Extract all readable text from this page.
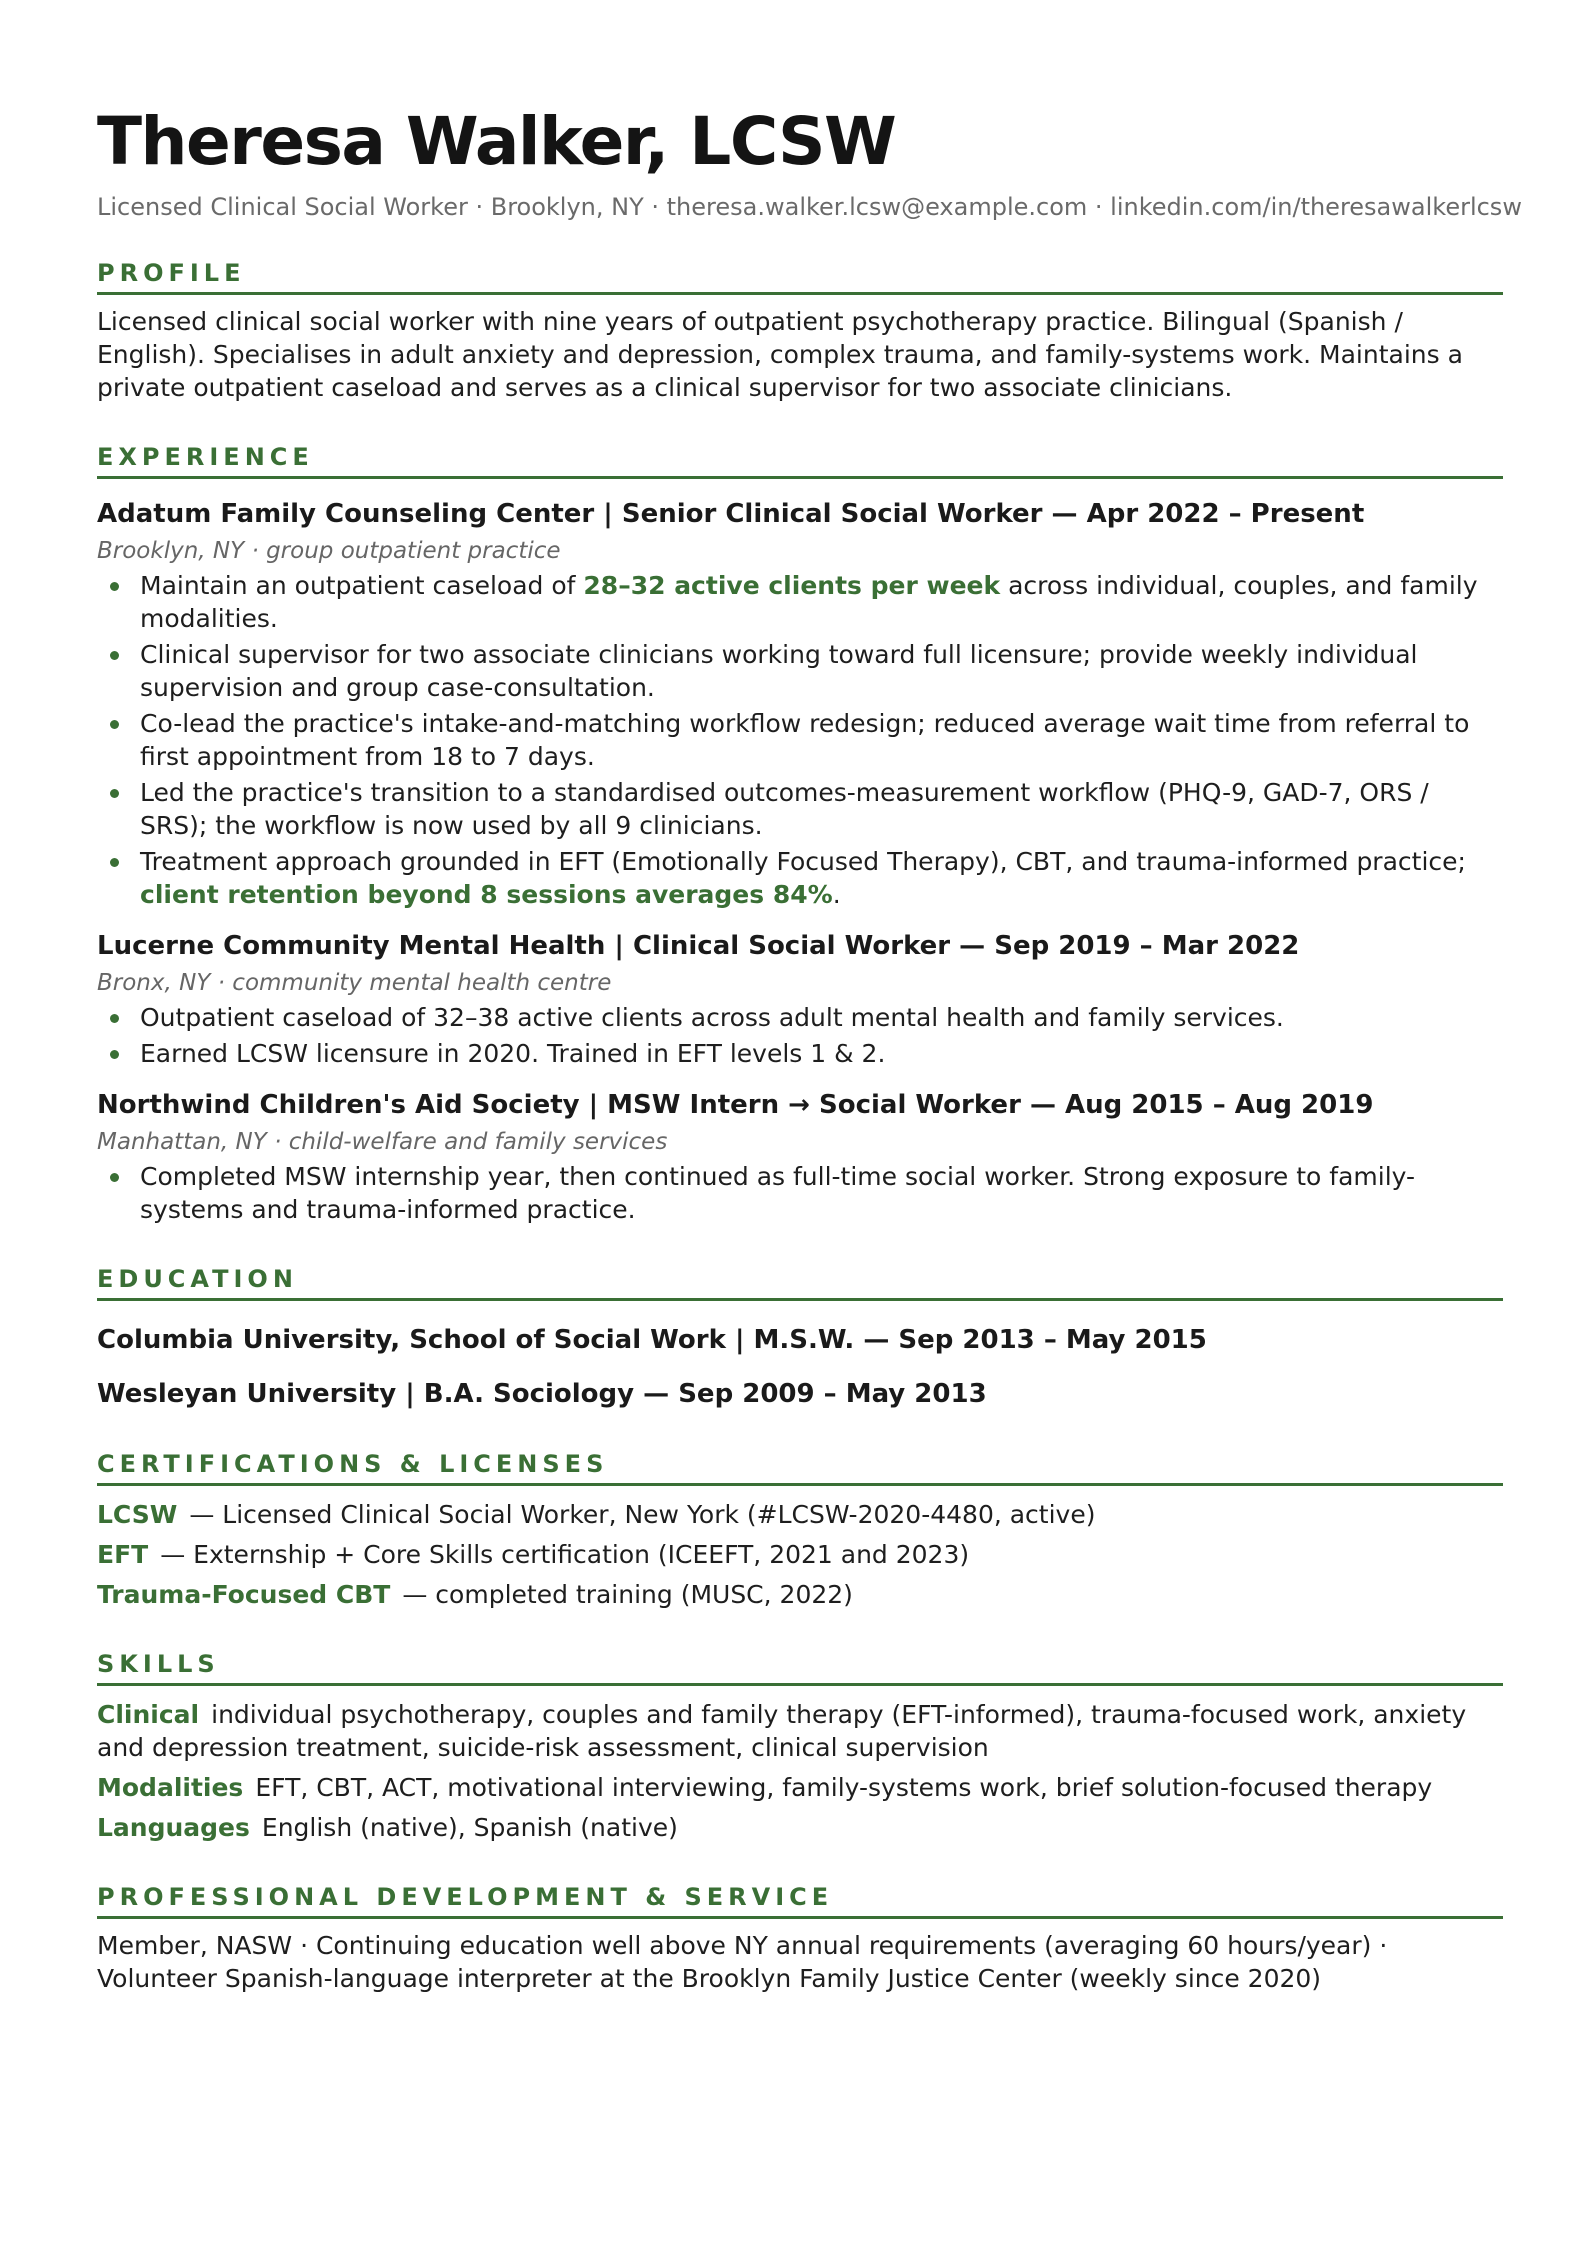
Theresa Walker, LCSW
Licensed Clinical Social Worker · Brooklyn, NY · theresa.walker.lcsw@example.com · linkedin.com/in/theresawalkerlcsw
PROFILE
Licensed clinical social worker with nine years of outpatient psychotherapy practice. Bilingual (Spanish / English). Specialises in adult anxiety and depression, complex trauma, and family-systems work. Maintains a private outpatient caseload and serves as a clinical supervisor for two associate clinicians.
EXPERIENCE
Adatum Family Counseling Center | Senior Clinical Social Worker — Apr 2022 – Present
Brooklyn, NY · group outpatient practice
Maintain an outpatient caseload of 28–32 active clients per week across individual, couples, and family modalities.
Clinical supervisor for two associate clinicians working toward full licensure; provide weekly individual supervision and group case-consultation.
Co-lead the practice's intake-and-matching workflow redesign; reduced average wait time from referral to first appointment from 18 to 7 days.
Led the practice's transition to a standardised outcomes-measurement workflow (PHQ-9, GAD-7, ORS / SRS); the workflow is now used by all 9 clinicians.
Treatment approach grounded in EFT (Emotionally Focused Therapy), CBT, and trauma-informed practice; client retention beyond 8 sessions averages 84%.
Lucerne Community Mental Health | Clinical Social Worker — Sep 2019 – Mar 2022
Bronx, NY · community mental health centre
Outpatient caseload of 32–38 active clients across adult mental health and family services.
Earned LCSW licensure in 2020. Trained in EFT levels 1 & 2.
Northwind Children's Aid Society | MSW Intern → Social Worker — Aug 2015 – Aug 2019
Manhattan, NY · child-welfare and family services
Completed MSW internship year, then continued as full-time social worker. Strong exposure to family-systems and trauma-informed practice.
EDUCATION
Columbia University, School of Social Work | M.S.W. — Sep 2013 – May 2015
Wesleyan University | B.A. Sociology — Sep 2009 – May 2013
CERTIFICATIONS & LICENSES
LCSW — Licensed Clinical Social Worker, New York (#LCSW-2020-4480, active)
EFT — Externship + Core Skills certification (ICEEFT, 2021 and 2023)
Trauma-Focused CBT — completed training (MUSC, 2022)
SKILLS
Clinical individual psychotherapy, couples and family therapy (EFT-informed), trauma-focused work, anxiety and depression treatment, suicide-risk assessment, clinical supervision
Modalities EFT, CBT, ACT, motivational interviewing, family-systems work, brief solution-focused therapy
Languages English (native), Spanish (native)
PROFESSIONAL DEVELOPMENT & SERVICE
Member, NASW · Continuing education well above NY annual requirements (averaging 60 hours/year) · Volunteer Spanish-language interpreter at the Brooklyn Family Justice Center (weekly since 2020)
